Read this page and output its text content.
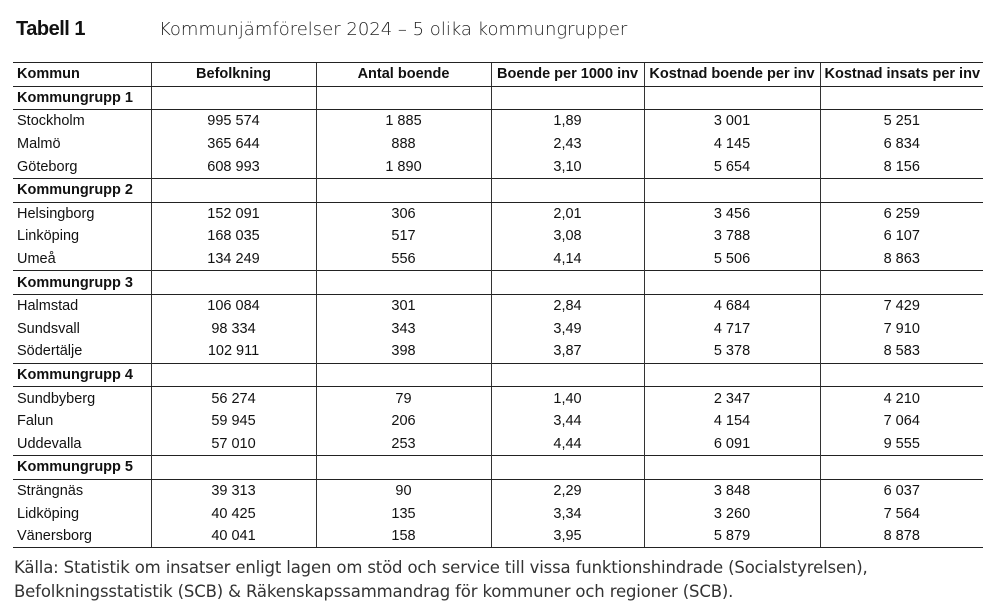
Tabell 1	Kommunjämförelser 2024 – 5 olika kommungrupper
Kommun	Befolkning	Antal boende	Boende per 1000 inv	Kostnad boende per inv	Kostnad insats per inv
Kommungrupp 1					
Stockholm	995 574	1 885	1,89	3 001	5 251
Malmö	365 644	888	2,43	4 145	6 834
Göteborg	608 993	1 890	3,10	5 654	8 156
Kommungrupp 2					
Helsingborg	152 091	306	2,01	3 456	6 259
Linköping	168 035	517	3,08	3 788	6 107
Umeå	134 249	556	4,14	5 506	8 863
Kommungrupp 3					
Halmstad	106 084	301	2,84	4 684	7 429
Sundsvall	98 334	343	3,49	4 717	7 910
Södertälje	102 911	398	3,87	5 378	8 583
Kommungrupp 4					
Sundbyberg	56 274	79	1,40	2 347	4 210
Falun	59 945	206	3,44	4 154	7 064
Uddevalla	57 010	253	4,44	6 091	9 555
Kommungrupp 5					
Strängnäs	39 313	90	2,29	3 848	6 037
Lidköping	40 425	135	3,34	3 260	7 564
Vänersborg	40 041	158	3,95	5 879	8 878
Källa: Statistik om insatser enligt lagen om stöd och service till vissa funktionshindrade (Socialstyrelsen),
Befolkningsstatistik (SCB) & Räkenskapssammandrag för kommuner och regioner (SCB).
